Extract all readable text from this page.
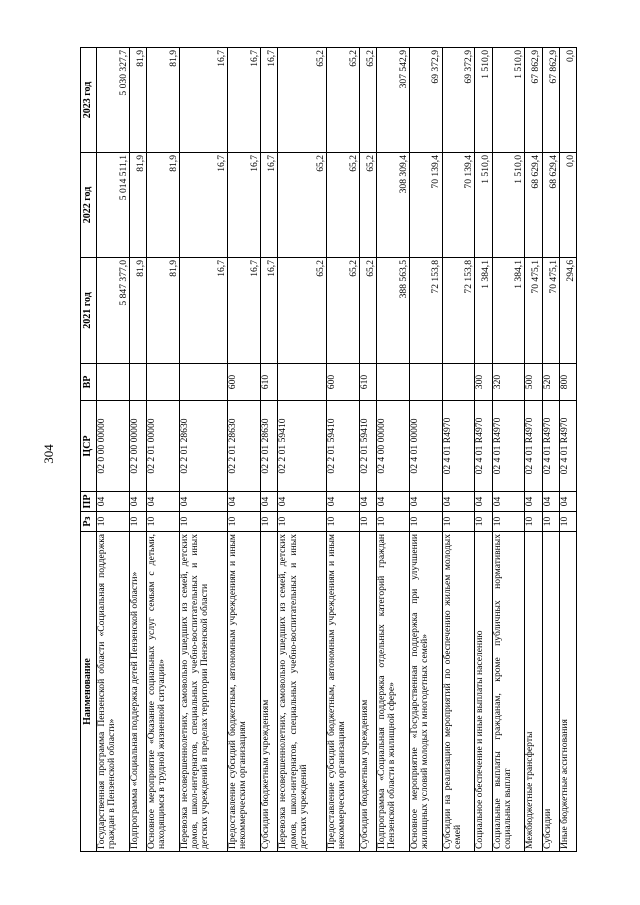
304
Наименование	Рз	ПР	ЦСР	ВР	2021 год	2022 год	2023 год
Государственная программа Пензенской области «Социальная поддержка граждан в Пензенской области»	10	04	02 0 00 00000		5 847 377,0	5 014 511,1	5 030 327,7
Подпрограмма «Социальная поддержка детей Пензенской области»	10	04	02 2 00 00000		81,9	81,9	81,9
Основное мероприятие «Оказание социальных услуг семьям с детьми, находящимся в трудной жизненной ситуации»	10	04	02 2 01 00000		81,9	81,9	81,9
Перевозка несовершеннолетних, самовольно ушедших из семей, детских домов, школ-интернатов, специальных учебно-воспитательных и иных детских учреждений в пределах территории Пензенской области	10	04	02 2 01 28630		16,7	16,7	16,7
Предоставление субсидий бюджетным, автономным учреждениям и иным некоммерческим организациям	10	04	02 2 01 28630	600	16,7	16,7	16,7
Субсидии бюджетным учреждениям	10	04	02 2 01 28630	610	16,7	16,7	16,7
Перевозка несовершеннолетних, самовольно ушедших из семей, детских домов, школ-интернатов, специальных учебно-воспитательных и иных детских учреждений	10	04	02 2 01 59410		65,2	65,2	65,2
Предоставление субсидий бюджетным, автономным учреждениям и иным некоммерческим организациям	10	04	02 2 01 59410	600	65,2	65,2	65,2
Субсидии бюджетным учреждениям	10	04	02 2 01 59410	610	65,2	65,2	65,2
Подпрограмма «Социальная поддержка отдельных категорий граждан Пензенской области в жилищной сфере»	10	04	02 4 00 00000		388 563,5	308 309,4	307 542,9
Основное мероприятие «Государственная поддержка при улучшении жилищных условий молодых и многодетных семей»	10	04	02 4 01 00000		72 153,8	70 139,4	69 372,9
Субсидии на реализацию мероприятий по обеспечению жильем молодых семей	10	04	02 4 01 R4970		72 153,8	70 139,4	69 372,9
Социальное обеспечение и иные выплаты населению	10	04	02 4 01 R4970	300	1 384,1	1 510,0	1 510,0
Социальные выплаты гражданам, кроме публичных нормативных социальных выплат	10	04	02 4 01 R4970	320	1 384,1	1 510,0	1 510,0
Межбюджетные трансферты	10	04	02 4 01 R4970	500	70 475,1	68 629,4	67 862,9
Субсидии	10	04	02 4 01 R4970	520	70 475,1	68 629,4	67 862,9
Иные бюджетные ассигнования	10	04	02 4 01 R4970	800	294,6	0,0	0,0
